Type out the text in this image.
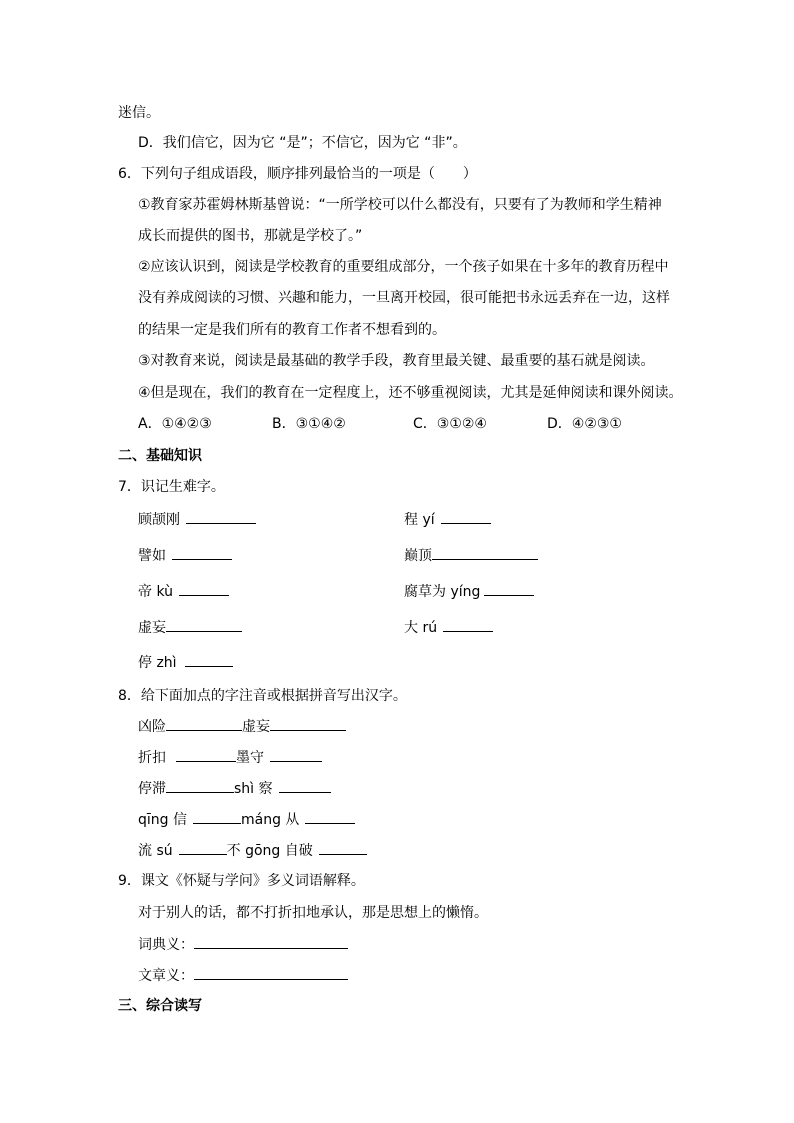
迷信。
D．我们信它，因为它 “是”；不信它，因为它 “非”。
6．下列句子组成语段，顺序排列最恰当的一项是（　　）
①教育家苏霍姆林斯基曾说：“一所学校可以什么都没有，只要有了为教师和学生精神
成长而提供的图书，那就是学校了。”
②应该认识到，阅读是学校教育的重要组成部分，一个孩子如果在十多年的教育历程中
没有养成阅读的习惯、兴趣和能力，一旦离开校园，很可能把书永远丢弃在一边，这样
的结果一定是我们所有的教育工作者不想看到的。
③对教育来说，阅读是最基础的教学手段，教育里最关键、最重要的基石就是阅读。
④但是现在，我们的教育在一定程度上，还不够重视阅读，尤其是延伸阅读和课外阅读。
A．①④②③	B．③①④②	C．③①②④	D．④②③①
二、基础知识
7．识记生难字。
顾颉刚	程 yí
譬如	巅顶
帝 kù	腐草为 yíng
虚妄	大 rú
停 zhì
8．给下面加点的字注音或根据拼音写出汉字。
凶险	虚妄
折扣	墨守
停滞	shì 察
qīng 信	máng 从
流 sú	不 gōng 自破
9．课文《怀疑与学问》多义词语解释。
对于别人的话，都不打折扣地承认，那是思想上的懒惰。
词典义：
文章义：
三、综合读写
